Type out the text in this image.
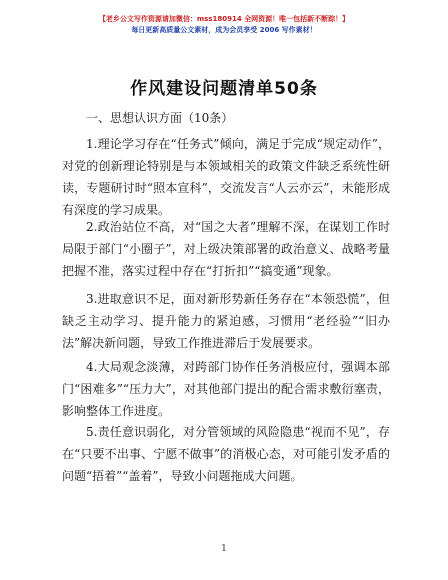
【老乡公文写作资源请加微信：mss180914 全网资源！唯一包括新不断踪！】
每日更新高质量公文素材，成为会员享受 2006 写作素材！
作风建设问题清单50条
一、思想认识方面（10条）

1.理论学习存在“任务式”倾向，满足于完成“规定动作”，对党的创新理论特别是与本领域相关的政策文件缺乏系统性研读，专题研讨时“照本宣科”，交流发言“人云亦云”，未能形成有深度的学习成果。

2.政治站位不高，对“国之大者”理解不深，在谋划工作时局限于部门“小圈子”，对上级决策部署的政治意义、战略考量把握不准，落实过程中存在“打折扣”“搞变通”现象。

3.进取意识不足，面对新形势新任务存在“本领恐慌”，但缺乏主动学习、提升能力的紧迫感，习惯用“老经验”“旧办法”解决新问题，导致工作推进滞后于发展要求。

4.大局观念淡薄，对跨部门协作任务消极应付，强调本部门“困难多”“压力大”，对其他部门提出的配合需求敷衍塞责，影响整体工作进度。

5.责任意识弱化，对分管领域的风险隐患“视而不见”，存在“只要不出事、宁愿不做事”的消极心态，对可能引发矛盾的问题“捂着”“盖着”，导致小问题拖成大问题。

1
